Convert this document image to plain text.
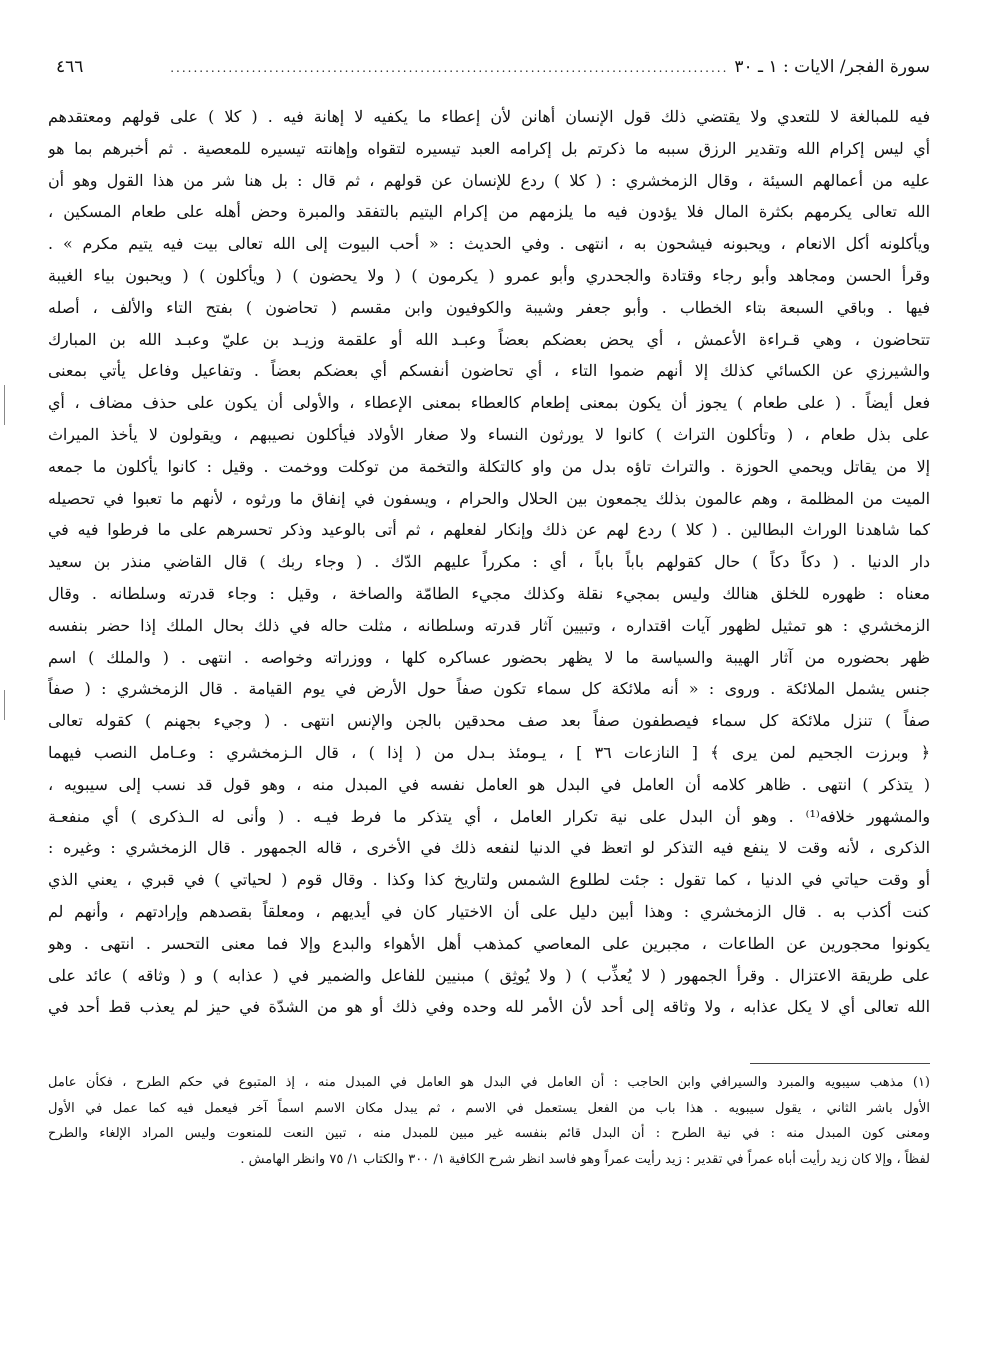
سورة الفجر/ الايات : ١ ـ ٣٠
................................................................................................
٤٦٦
فيه للمبالغة لا للتعدي ولا يقتضي ذلك قول الإنسان أهانن لأن إعطاء ما يكفيه لا إهانة فيه . ( كلا ) على قولهم ومعتقدهم
أي ليس إكرام الله وتقدير الرزق سببه ما ذكرتم بل إكرامه العبد تيسيره لتقواه وإهانته تيسيره للمعصية . ثم أخبرهم بما هو
عليه من أعمالهم السيئة ، وقال الزمخشري : ( كلا ) ردع للإنسان عن قولهم ، ثم قال : بل هنا شر من هذا القول وهو أن
الله تعالى يكرمهم بكثرة المال فلا يؤدون فيه ما يلزمهم من إكرام اليتيم بالتفقد والمبرة وحض أهله على طعام المسكين ،
ويأكلونه أكل الانعام ، ويحبونه فيشحون به ، انتهى . وفي الحديث : « أحب البيوت إلى الله تعالى بيت فيه يتيم مكرم » .
وقرأ الحسن ومجاهد وأبو رجاء وقتادة والجحدري وأبو عمرو ( يكرمون ) ( ولا يحضون ) ( ويأكلون ) ( ويحبون بياء الغيبة
فيها . وباقي السبعة بتاء الخطاب . وأبو جعفر وشيبة والكوفيون وابن مقسم ( تحاضون ) بفتح التاء والألف ، أصله
تتحاضون ، وهي قـراءة الأعمش ، أي يحض بعضكم بعضاً وعبـد الله أو علقمة وزيـد بن عليّ وعبـد الله بن المبارك
والشيرزي عن الكسائي كذلك إلا أنهم ضموا التاء ، أي تحاضون أنفسكم أي بعضكم بعضاً . وتفاعيل وفاعل يأتي بمعنى
فعل أيضاً . ( على طعام ) يجوز أن يكون بمعنى إطعام كالعطاء بمعنى الإعطاء ، والأولى أن يكون على حذف مضاف ، أي
على بذل طعام ، ( وتأكلون التراث ) كانوا لا يورثون النساء ولا صغار الأولاد فيأكلون نصيبهم ، ويقولون لا يأخذ الميراث
إلا من يقاتل ويحمي الحوزة . والتراث تاؤه بدل من واو كالتكلة والتخمة من توكلت ووخمت . وقيل : كانوا يأكلون ما جمعه
الميت من المظلمة ، وهم عالمون بذلك يجمعون بين الحلال والحرام ، ويسفون في إنفاق ما ورثوه ، لأنهم ما تعبوا في تحصيله
كما شاهدنا الوراث البطالين . ( كلا ) ردع لهم عن ذلك وإنكار لفعلهم ، ثم أتى بالوعيد وذكر تحسرهم على ما فرطوا فيه في
دار الدنيا . ( دكاً دكاً ) حال كقولهم باباً باباً ، أي : مكرراً عليهم الدّك . ( وجاء ربك ) قال القاضي منذر بن سعيد
معناه : ظهوره للخلق هنالك وليس بمجيء نقلة وكذلك مجيء الطامّة والصاخة ، وقيل : وجاء قدرته وسلطانه . وقال
الزمخشري : هو تمثيل لظهور آيات اقتداره ، وتبيين آثار قدرته وسلطانه ، مثلت حاله في ذلك بحال الملك إذا حضر بنفسه
ظهر بحضوره من آثار الهيبة والسياسة ما لا يظهر بحضور عساكره كلها ، ووزراته وخواصه . انتهى . ( والملك ) اسم
جنس يشمل الملائكة . وروى : « أنه ملائكة كل سماء تكون صفاً حول الأرض في يوم القيامة . قال الزمخشري : ( صفاً
صفاً ) تنزل ملائكة كل سماء فيصطفون صفاً بعد صف محدقين بالجن والإنس انتهى . ( وجيء بجهنم ) كقوله تعالى
﴿ وبرزت الجحيم لمن يرى ﴾ [ النازعات ٣٦ ] ، يـومئذ بـدل من ( إذا ) ، قال الـزمخشري : وعـامل النصب فيهما
( يتذكر ) انتهى . ظاهر كلامه أن العامل في البدل هو العامل نفسه في المبدل منه ، وهو قول قد نسب إلى سيبويه ،
والمشهور خلافه⁽¹⁾ . وهو أن البدل على نية تكرار العامل ، أي يتذكر ما فرط فيـه . ( وأنى له الـذكرى ) أي منفعـة
الذكرى ، لأنه وقت لا ينفع فيه التذكر لو اتعظ في الدنيا لنفعه ذلك في الأخرى ، قاله الجمهور . قال الزمخشري : وغيره :
أو وقت حياتي في الدنيا ، كما تقول : جئت لطلوع الشمس ولتاريخ كذا وكذا . وقال قوم ( لحياتي ) في قبري ، يعني الذي
كنت أكذب به . قال الزمخشري : وهذا أبين دليل على أن الاختيار كان في أيديهم ، ومعلقاً بقصدهم وإرادتهم ، وأنهم لم
يكونوا محجورين عن الطاعات ، مجبرين على المعاصي كمذهب أهل الأهواء والبدع وإلا فما معنى التحسر . انتهى . وهو
على طريقة الاعتزال . وقرأ الجمهور ( لا يُعذِّب ) ( ولا يُوثِق ) مبنيين للفاعل والضمير في ( عذابه ) و ( وثاقه ) عائد على
الله تعالى أي لا يكل عذابه ، ولا وثاقه إلى أحد لأن الأمر لله وحده وفي ذلك أو هو من الشدّة في حيز لم يعذب قط أحد في
(١) مذهب سيبويه والمبرد والسيرافي وابن الحاجب : أن العامل في البدل هو العامل في المبدل منه ، إذ المتبوع في حكم الطرح ، فكأن عامل
الأول باشر الثاني ، يقول سيبويه . هذا باب من الفعل يستعمل في الاسم ، ثم يبدل مكان الاسم اسماً آخر فيعمل فيه كما عمل في الأول
ومعنى كون المبدل منه : في نية الطرح : أن البدل قائم بنفسه غير مبين للمبدل منه ، تبين النعت للمنعوت وليس المراد الإلغاء والطرح
لفظاً ، وإلا كان زيد رأيت أباه عمراً في تقدير : زيد رأيت عمراً وهو فاسد انظر شرح الكافية ١/ ٣٠٠ والكتاب ١/ ٧٥ وانظر الهامش .
